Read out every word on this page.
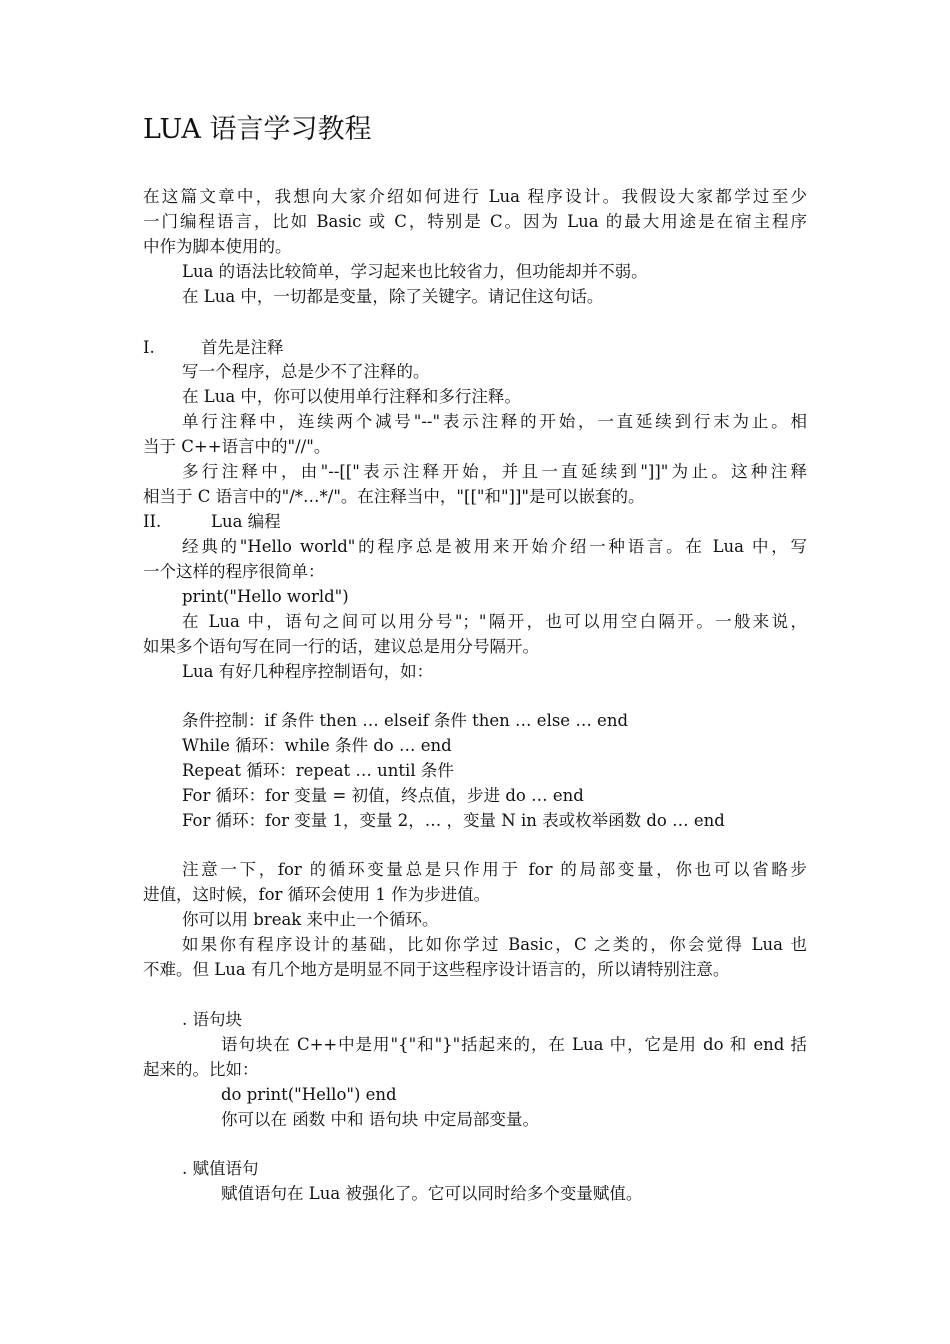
LUA 语言学习教程

在这篇文章中，我想向大家介绍如何进行 Lua 程序设计。我假设大家都学过至少

一门编程语言，比如 Basic 或 C，特别是 C。因为 Lua 的最大用途是在宿主程序

中作为脚本使用的。

Lua 的语法比较简单，学习起来也比较省力，但功能却并不弱。

在 Lua 中，一切都是变量，除了关键字。请记住这句话。

I.	首先是注释

写一个程序，总是少不了注释的。

在 Lua 中，你可以使用单行注释和多行注释。

单行注释中，连续两个减号"--"表示注释的开始，一直延续到行末为止。相

当于 C++语言中的"//"。

多行注释中，由"--[["表示注释开始，并且一直延续到"]]"为止。这种注释

相当于 C 语言中的"/*…*/"。在注释当中，"[["和"]]"是可以嵌套的。

II.	Lua 编程

经典的"Hello world"的程序总是被用来开始介绍一种语言。在 Lua 中，写

一个这样的程序很简单：

print("Hello world")

在 Lua 中，语句之间可以用分号"；"隔开，也可以用空白隔开。一般来说，

如果多个语句写在同一行的话，建议总是用分号隔开。

Lua 有好几种程序控制语句，如：

条件控制：if 条件 then … elseif 条件 then … else … end

While 循环：while 条件 do … end

Repeat 循环：repeat … until 条件

For 循环：for 变量 = 初值，终点值，步进 do … end

For 循环：for 变量 1，变量 2，… ，变量 N in 表或枚举函数 do … end

注意一下，for 的循环变量总是只作用于 for 的局部变量，你也可以省略步

进值，这时候，for 循环会使用 1 作为步进值。

你可以用 break 来中止一个循环。

如果你有程序设计的基础，比如你学过 Basic，C 之类的，你会觉得 Lua 也

不难。但 Lua 有几个地方是明显不同于这些程序设计语言的，所以请特别注意。

. 语句块

语句块在 C++中是用"{"和"}"括起来的，在 Lua 中，它是用 do 和 end 括

起来的。比如：

do print("Hello") end

你可以在 函数 中和 语句块 中定局部变量。

. 赋值语句

赋值语句在 Lua 被强化了。它可以同时给多个变量赋值。
